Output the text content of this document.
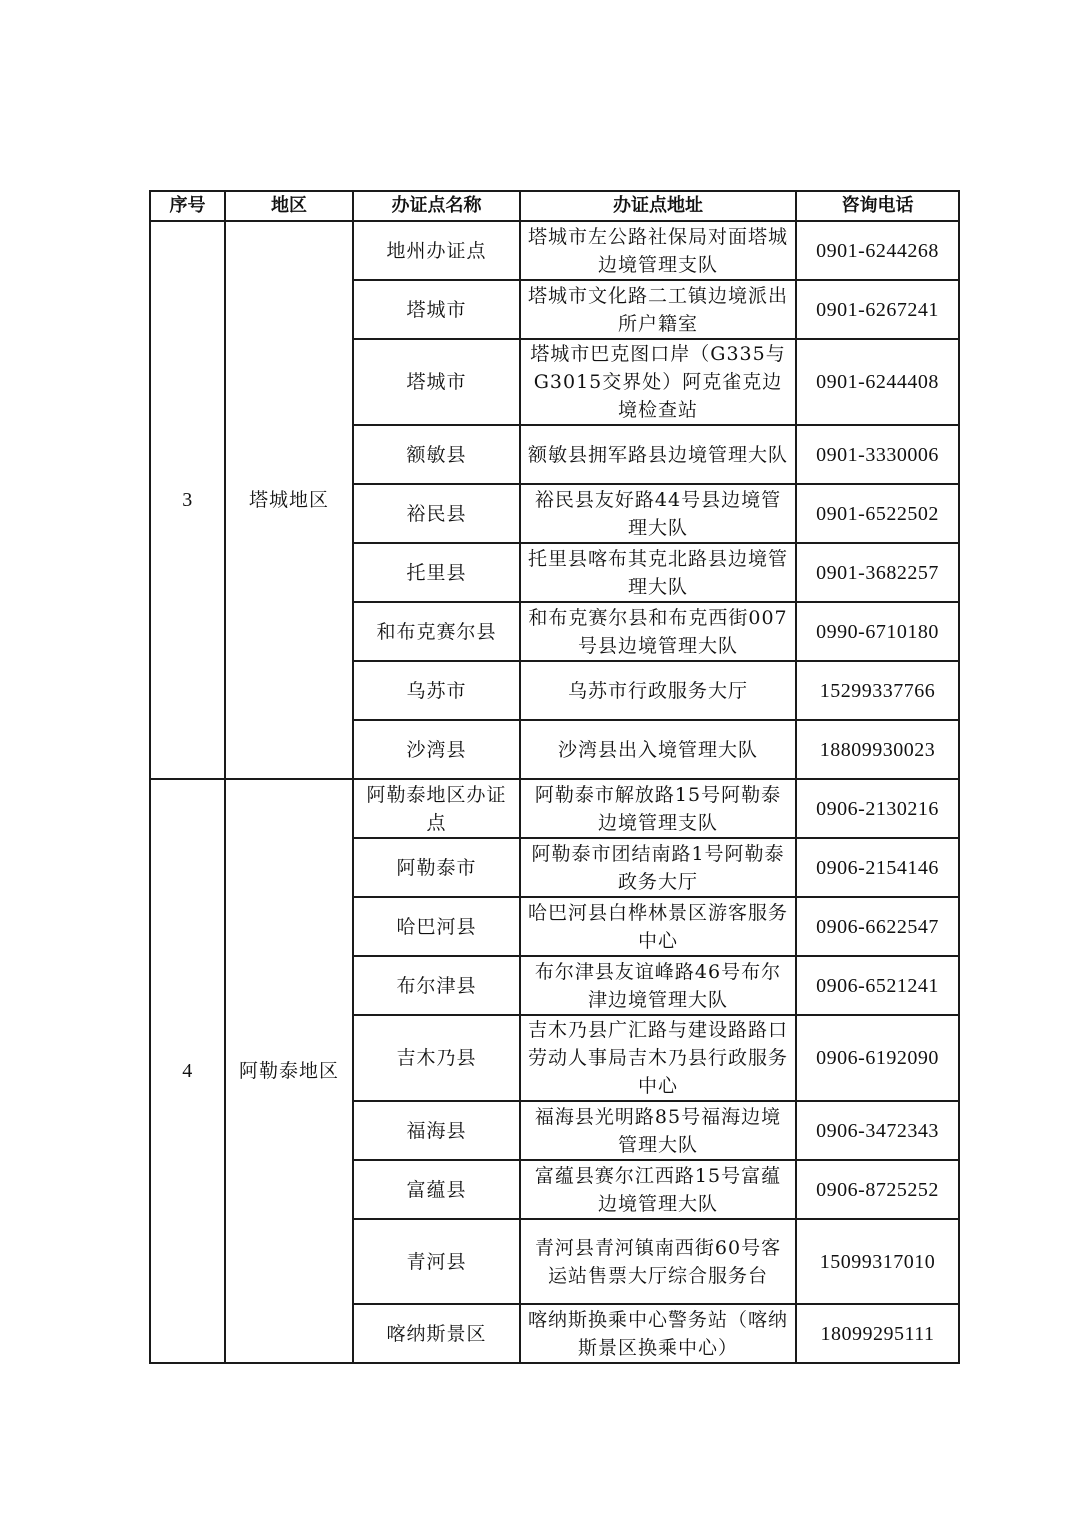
序号	地区	办证点名称	办证点地址	咨询电话
3	塔城地区	地州办证点	塔城市左公路社保局对面塔城边境管理支队	0901-6244268
		塔城市	塔城市文化路二工镇边境派出所户籍室	0901-6267241
		塔城市	塔城市巴克图口岸（G335与G3015交界处）阿克雀克边境检查站	0901-6244408
		额敏县	额敏县拥军路县边境管理大队	0901-3330006
		裕民县	裕民县友好路44号县边境管理大队	0901-6522502
		托里县	托里县喀布其克北路县边境管理大队	0901-3682257
		和布克赛尔县	和布克赛尔县和布克西街007号县边境管理大队	0990-6710180
		乌苏市	乌苏市行政服务大厅	15299337766
		沙湾县	沙湾县出入境管理大队	18809930023
4	阿勒泰地区	阿勒泰地区办证点	阿勒泰市解放路15号阿勒泰边境管理支队	0906-2130216
		阿勒泰市	阿勒泰市团结南路1号阿勒泰政务大厅	0906-2154146
		哈巴河县	哈巴河县白桦林景区游客服务中心	0906-6622547
		布尔津县	布尔津县友谊峰路46号布尔津边境管理大队	0906-6521241
		吉木乃县	吉木乃县广汇路与建设路路口劳动人事局吉木乃县行政服务中心	0906-6192090
		福海县	福海县光明路85号福海边境管理大队	0906-3472343
		富蕴县	富蕴县赛尔江西路15号富蕴边境管理大队	0906-8725252
		青河县	青河县青河镇南西街60号客运站售票大厅综合服务台	15099317010
		喀纳斯景区	喀纳斯换乘中心警务站（喀纳斯景区换乘中心）	18099295111
